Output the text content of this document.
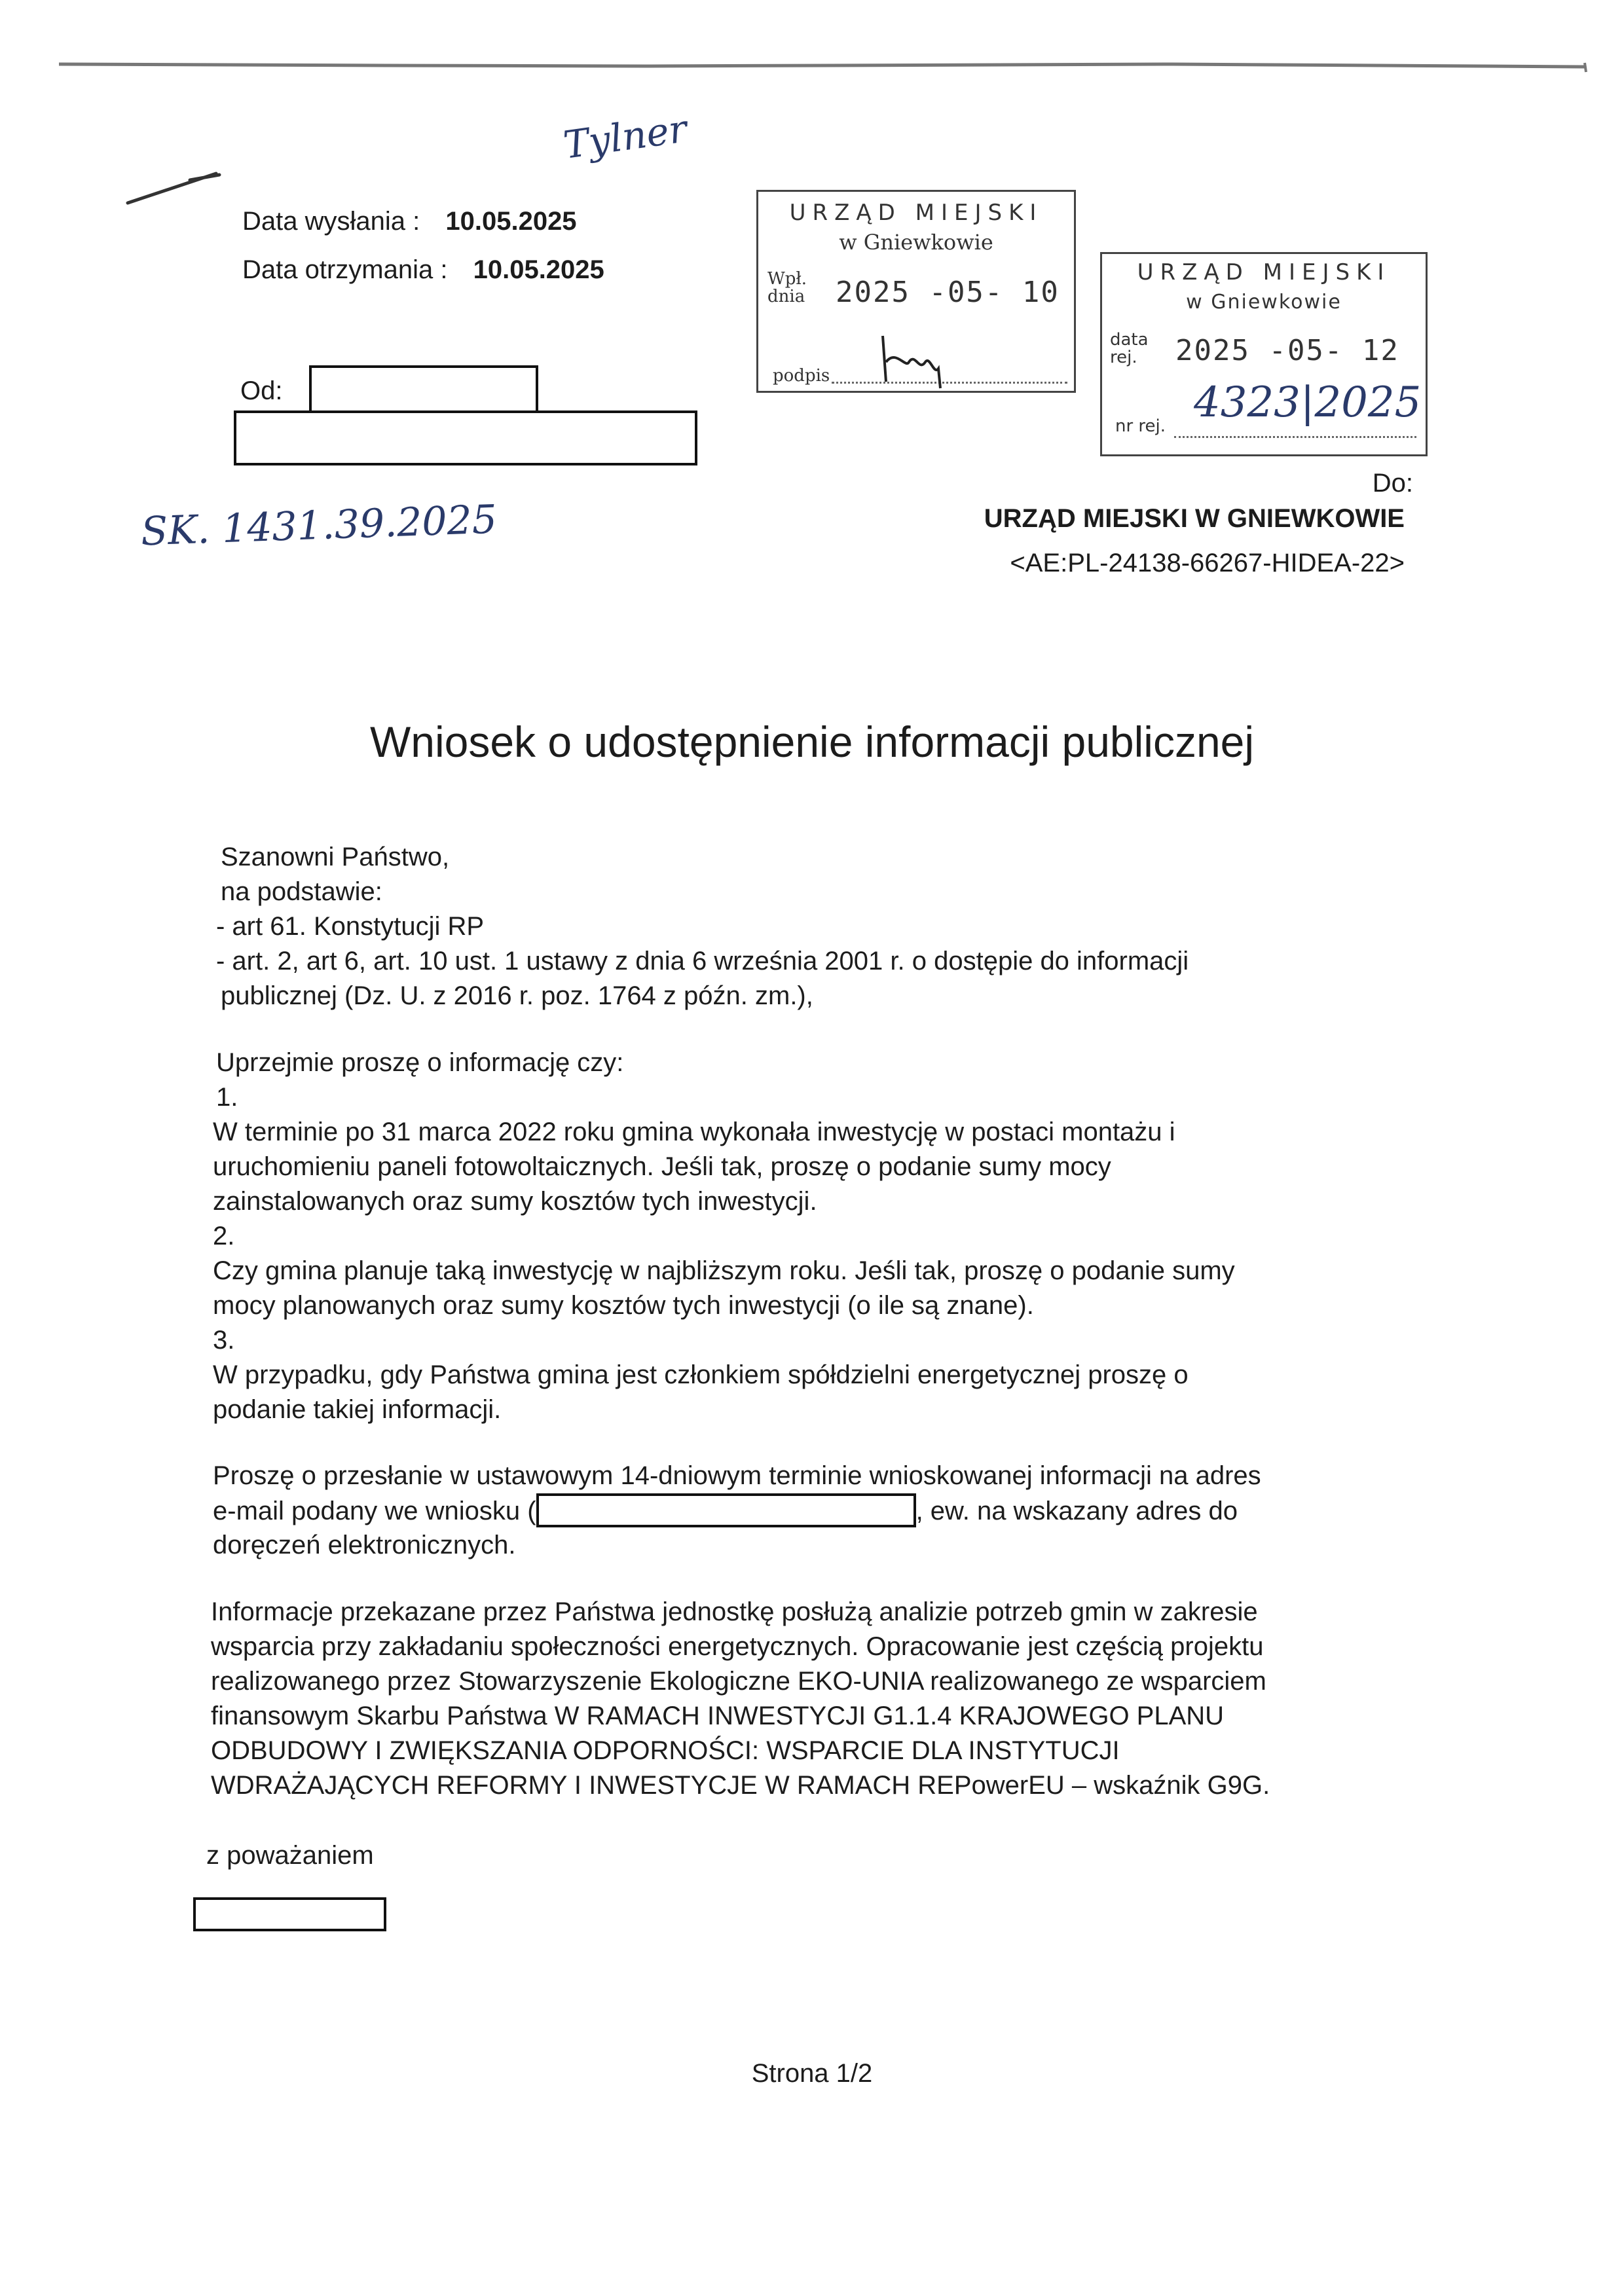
Tylner
Data wysłania : 10.05.2025
Data otrzymania : 10.05.2025
Od:
URZĄD MIEJSKI
w Gniewkowie
Wpł.
dnia 2025 -05- 10
podpis
URZĄD MIEJSKI
w Gniewkowie
data
rej.	2025 -05- 12
nr rej. 4323|2025
SK. 1431.39.2025
Do:
URZĄD MIEJSKI W GNIEWKOWIE
<AE:PL-24138-66267-HIDEA-22>
Wniosek o udostępnienie informacji publicznej
Szanowni Państwo,
na podstawie:
- art 61. Konstytucji RP
- art. 2, art 6, art. 10 ust. 1 ustawy z dnia 6 września 2001 r. o dostępie do informacji
publicznej (Dz. U. z 2016 r. poz. 1764 z późn. zm.),
Uprzejmie proszę o informację czy:
1.
W terminie po 31 marca 2022 roku gmina wykonała inwestycję w postaci montażu i
uruchomieniu paneli fotowoltaicznych. Jeśli tak, proszę o podanie sumy mocy
zainstalowanych oraz sumy kosztów tych inwestycji.
2.
Czy gmina planuje taką inwestycję w najbliższym roku. Jeśli tak, proszę o podanie sumy
mocy planowanych oraz sumy kosztów tych inwestycji (o ile są znane).
3.
W przypadku, gdy Państwa gmina jest członkiem spółdzielni energetycznej proszę o
podanie takiej informacji.
Proszę o przesłanie w ustawowym 14-dniowym terminie wnioskowanej informacji na adres
e-mail podany we wniosku (	, ew. na wskazany adres do
doręczeń elektronicznych.
Informacje przekazane przez Państwa jednostkę posłużą analizie potrzeb gmin w zakresie
wsparcia przy zakładaniu społeczności energetycznych. Opracowanie jest częścią projektu
realizowanego przez Stowarzyszenie Ekologiczne EKO-UNIA realizowanego ze wsparciem
finansowym Skarbu Państwa W RAMACH INWESTYCJI G1.1.4 KRAJOWEGO PLANU
ODBUDOWY I ZWIĘKSZANIA ODPORNOŚCI: WSPARCIE DLA INSTYTUCJI
WDRAŻAJĄCYCH REFORMY I INWESTYCJE W RAMACH REPowerEU – wskaźnik G9G.
z poważaniem
Strona 1/2
